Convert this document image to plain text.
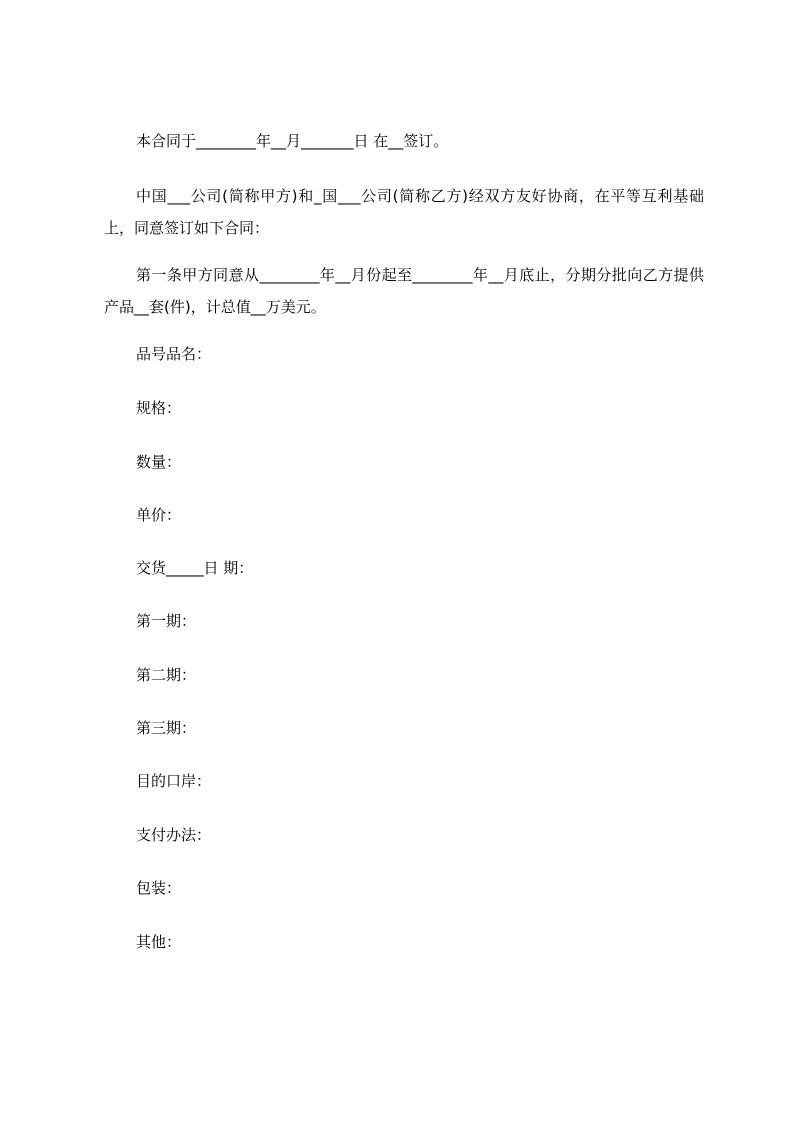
本合同于________年__月_______日 在__签订。
中国___公司(简称甲方)和_国___公司(简称乙方)经双方友好协商，在平等互利基础上，同意签订如下合同：
第一条甲方同意从________年__月份起至________年__月底止，分期分批向乙方提供产品__套(件)，计总值__万美元。
品号品名：
规格：
数量：
单价：
交货_____日 期：
第一期：
第二期：
第三期：
目的口岸：
支付办法：
包装：
其他：
